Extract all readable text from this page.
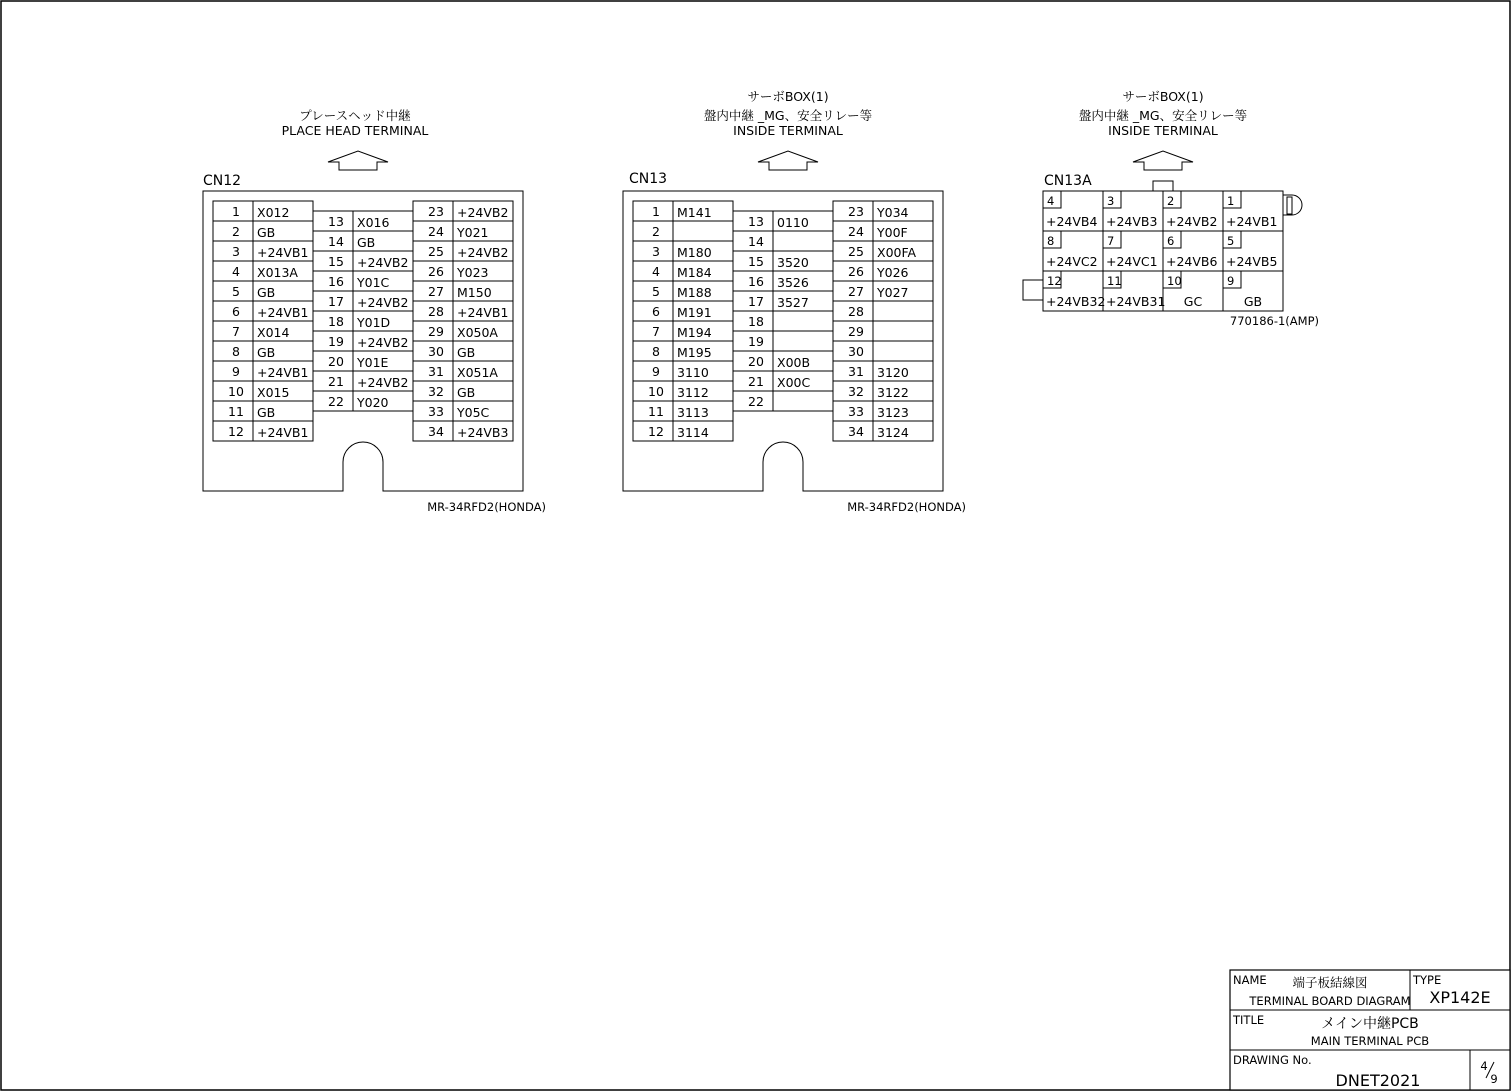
プレースヘッド中継
PLACE HEAD TERMINAL
CN12
1 X012
2 GB
3 +24VB1
4 X013A
5 GB
6 +24VB1
7 X014
8 GB
9 +24VB1
10 X015
11 GB
12 +24VB1
13 X016
14 GB
15 +24VB2
16 Y01C
17 +24VB2
18 Y01D
19 +24VB2
20 Y01E
21 +24VB2
22 Y020
23 +24VB2
24 Y021
25 +24VB2
26 Y023
27 M150
28 +24VB1
29 X050A
30 GB
31 X051A
32 GB
33 Y05C
34 +24VB3
MR-34RFD2(HONDA)
サーボBOX(1)
盤内中継 _MG、安全リレー等
INSIDE TERMINAL
CN13
1 M141
2
3 M180
4 M184
5 M188
6 M191
7 M194
8 M195
9 3110
10 3112
11 3113
12 3114
13 0110
14
15 3520
16 3526
17 3527
18
19
20 X00B
21 X00C
22
23 Y034
24 Y00F
25 X00FA
26 Y026
27 Y027
28
29
30
31 3120
32 3122
33 3123
34 3124
MR-34RFD2(HONDA)
サーボBOX(1)
盤内中継 _MG、安全リレー等
INSIDE TERMINAL
CN13A
4
+24VB4
3
+24VB3
2
+24VB2
1
+24VB1
8
+24VC2
7
+24VC1
6
+24VB6
5
+24VB5
12
+24VB32
11
+24VB31
10
GC
9
GB
770186-1(AMP)
NAME 端子板結線図
TERMINAL BOARD DIAGRAM
TYPE
XP142E
TITLE	メイン中継PCB
MAIN TERMINAL PCB
DRAWING No.
DNET2021
4
9
